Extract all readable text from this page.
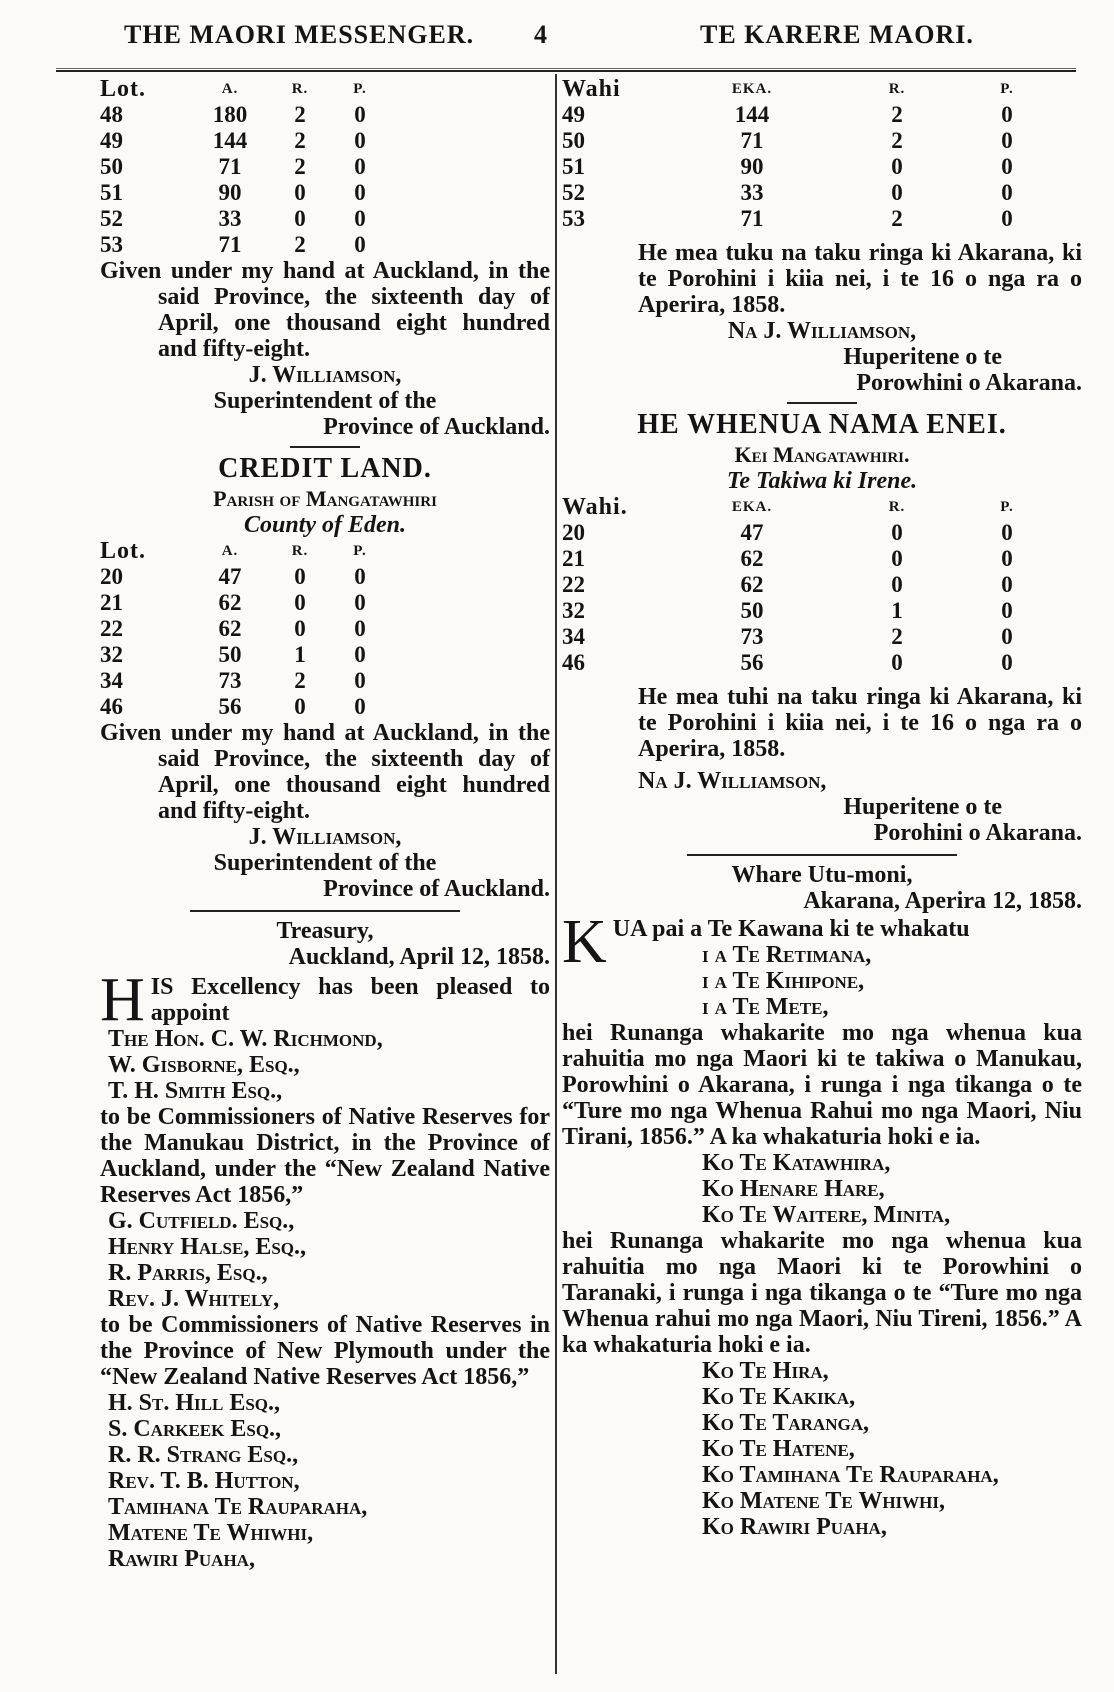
THE MAORI MESSENGER. 4	TE KARERE MAORI.
Lot.	A.	R.	P.
48	180	2	0
49	144	2	0
50	71	2	0
51	90	0	0
52	33	0	0
53	71	2	0

Given under my hand at Auckland, in the said Province, the sixteenth day of April, one thousand eight hundred and fifty-eight.

J. Williamson,

Superintendent of the

Province of Auckland.

CREDIT LAND.
Parish of Mangatawhiri
County of Eden.
Lot.	A.	R.	P.
20	47	0	0
21	62	0	0
22	62	0	0
32	50	1	0
34	73	2	0
46	56	0	0

Given under my hand at Auckland, in the said Province, the sixteenth day of April, one thousand eight hundred and fifty-eight.

J. Williamson,

Superintendent of the

Province of Auckland.

Treasury,

Auckland, April 12, 1858.

HIS Excellency has been pleased to appoint

The Hon. C. W. Richmond,

W. Gisborne, Esq.,

T. H. Smith Esq.,

to be Commissioners of Native Reserves for the Manukau District, in the Province of Auckland, under the “New Zealand Native Reserves Act 1856,”

G. Cutfield. Esq.,

Henry Halse, Esq.,

R. Parris, Esq.,

Rev. J. Whitely,

to be Commissioners of Native Reserves in the Province of New Plymouth under the “New Zealand Native Reserves Act 1856,”

H. St. Hill Esq.,

S. Carkeek Esq.,

R. R. Strang Esq.,

Rev. T. B. Hutton,

Tamihana Te Rauparaha,

Matene Te Whiwhi,

Rawiri Puaha,

Wahi	EKA.	R.	P.
49	144	2	0
50	71	2	0
51	90	0	0
52	33	0	0
53	71	2	0

He mea tuku na taku ringa ki Akarana, ki te Porohini i kiia nei, i te 16 o nga ra o Aperira, 1858.

Na J. Williamson,

Huperitene o te

Porowhini o Akarana.

HE WHENUA NAMA ENEI.
Kei Mangatawhiri.
Te Takiwa ki Irene.
Wahi.	EKA.	R.	P.
20	47	0	0
21	62	0	0
22	62	0	0
32	50	1	0
34	73	2	0
46	56	0	0

He mea tuhi na taku ringa ki Akarana, ki te Porohini i kiia nei, i te 16 o nga ra o Aperira, 1858.

Na J. Williamson,

Huperitene o te

Porohini o Akarana.

Whare Utu-moni,

Akarana, Aperira 12, 1858.

KUA pai a Te Kawana ki te whakatu

i a Te Retimana,

i a Te Kihipone,

i a Te Mete,

hei Runanga whakarite mo nga whenua kua rahuitia mo nga Maori ki te takiwa o Manukau, Porowhini o Akarana, i runga i nga tikanga o te “Ture mo nga Whenua Rahui mo nga Maori, Niu Tirani, 1856.” A ka whakaturia hoki e ia.

Ko Te Katawhira,

Ko Henare Hare,

Ko Te Waitere, Minita,

hei Runanga whakarite mo nga whenua kua rahuitia mo nga Maori ki te Porowhini o Taranaki, i runga i nga tikanga o te “Ture mo nga Whenua rahui mo nga Maori, Niu Tireni, 1856.” A ka whakaturia hoki e ia.

Ko Te Hira,

Ko Te Kakika,

Ko Te Taranga,

Ko Te Hatene,

Ko Tamihana Te Rauparaha,

Ko Matene Te Whiwhi,

Ko Rawiri Puaha,
